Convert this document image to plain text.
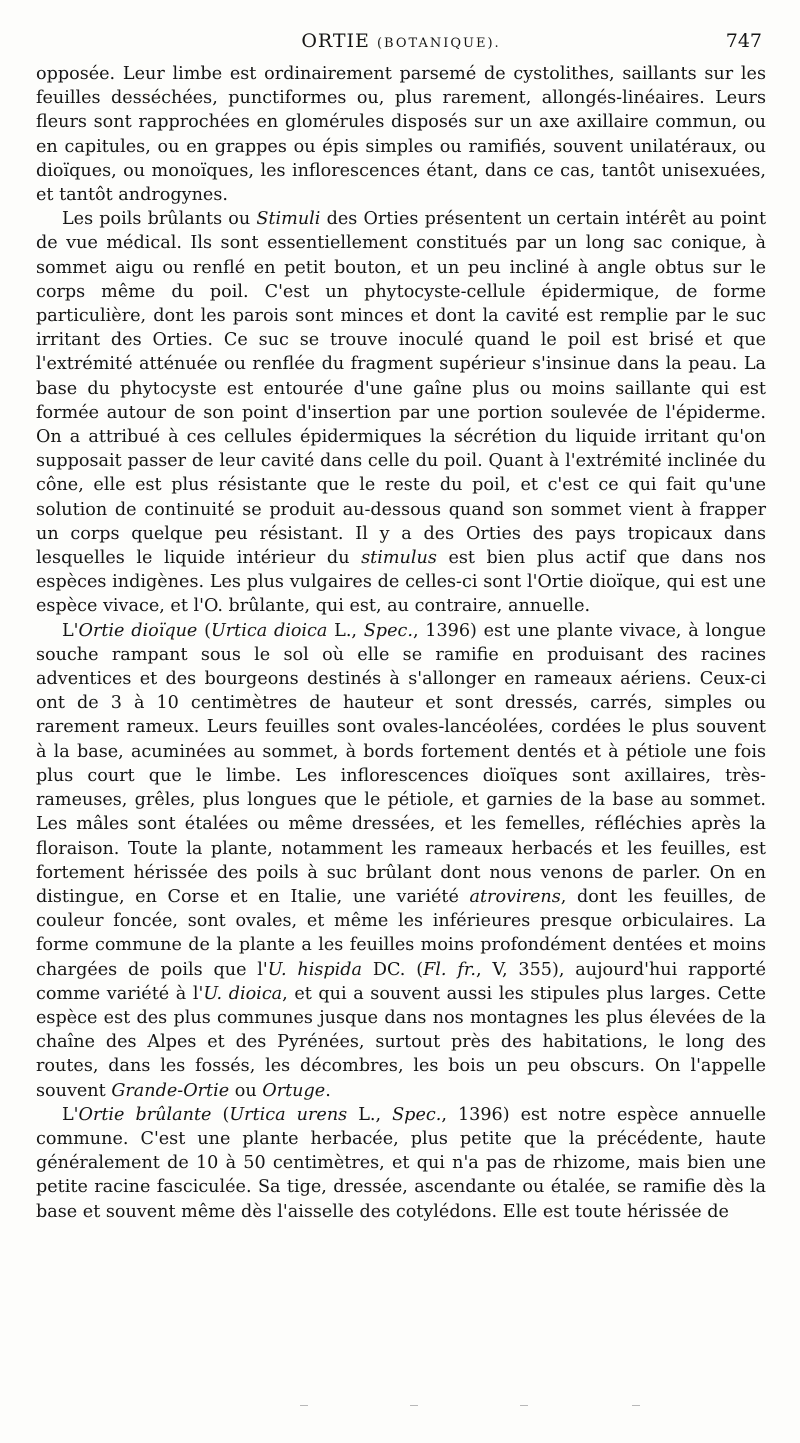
ORTIE (BOTANIQUE).	747

opposée. Leur limbe est ordinairement parsemé de cystolithes, saillants sur les feuilles desséchées, punctiformes ou, plus rarement, allongés-linéaires. Leurs fleurs sont rapprochées en glomérules disposés sur un axe axillaire commun, ou en capitules, ou en grappes ou épis simples ou ramifiés, souvent unilatéraux, ou dioïques, ou monoïques, les inflorescences étant, dans ce cas, tantôt unisexuées, et tantôt androgynes.

Les poils brûlants ou Stimuli des Orties présentent un certain intérêt au point de vue médical. Ils sont essentiellement constitués par un long sac conique, à sommet aigu ou renflé en petit bouton, et un peu incliné à angle obtus sur le corps même du poil. C'est un phytocyste-cellule épidermique, de forme particulière, dont les parois sont minces et dont la cavité est remplie par le suc irritant des Orties. Ce suc se trouve inoculé quand le poil est brisé et que l'extrémité atténuée ou renflée du fragment supérieur s'insinue dans la peau. La base du phytocyste est entourée d'une gaîne plus ou moins saillante qui est formée autour de son point d'insertion par une portion soulevée de l'épiderme. On a attribué à ces cellules épidermiques la sécrétion du liquide irritant qu'on supposait passer de leur cavité dans celle du poil. Quant à l'extrémité inclinée du cône, elle est plus résistante que le reste du poil, et c'est ce qui fait qu'une solution de continuité se produit au-dessous quand son sommet vient à frapper un corps quelque peu résistant. Il y a des Orties des pays tropicaux dans lesquelles le liquide intérieur du stimulus est bien plus actif que dans nos espèces indigènes. Les plus vulgaires de celles-ci sont l'Ortie dioïque, qui est une espèce vivace, et l'O. brûlante, qui est, au contraire, annuelle.

L'Ortie dioïque (Urtica dioica L., Spec., 1396) est une plante vivace, à longue souche rampant sous le sol où elle se ramifie en produisant des racines adventices et des bourgeons destinés à s'allonger en rameaux aériens. Ceux-ci ont de 3 à 10 centimètres de hauteur et sont dressés, carrés, simples ou rarement rameux. Leurs feuilles sont ovales-lancéolées, cordées le plus souvent à la base, acuminées au sommet, à bords fortement dentés et à pétiole une fois plus court que le limbe. Les inflorescences dioïques sont axillaires, très-rameuses, grêles, plus longues que le pétiole, et garnies de la base au sommet. Les mâles sont étalées ou même dressées, et les femelles, réfléchies après la floraison. Toute la plante, notamment les rameaux herbacés et les feuilles, est fortement hérissée des poils à suc brûlant dont nous venons de parler. On en distingue, en Corse et en Italie, une variété atrovirens, dont les feuilles, de couleur foncée, sont ovales, et même les inférieures presque orbiculaires. La forme commune de la plante a les feuilles moins profondément dentées et moins chargées de poils que l'U. hispida DC. (Fl. fr., V, 355), aujourd'hui rapporté comme variété à l'U. dioica, et qui a souvent aussi les stipules plus larges. Cette espèce est des plus communes jusque dans nos montagnes les plus élevées de la chaîne des Alpes et des Pyrénées, surtout près des habitations, le long des routes, dans les fossés, les décombres, les bois un peu obscurs. On l'appelle souvent Grande-Ortie ou Ortuge.

L'Ortie brûlante (Urtica urens L., Spec., 1396) est notre espèce annuelle commune. C'est une plante herbacée, plus petite que la précédente, haute généralement de 10 à 50 centimètres, et qui n'a pas de rhizome, mais bien une petite racine fasciculée. Sa tige, dressée, ascendante ou étalée, se ramifie dès la base et souvent même dès l'aisselle des cotylédons. Elle est toute hérissée de
